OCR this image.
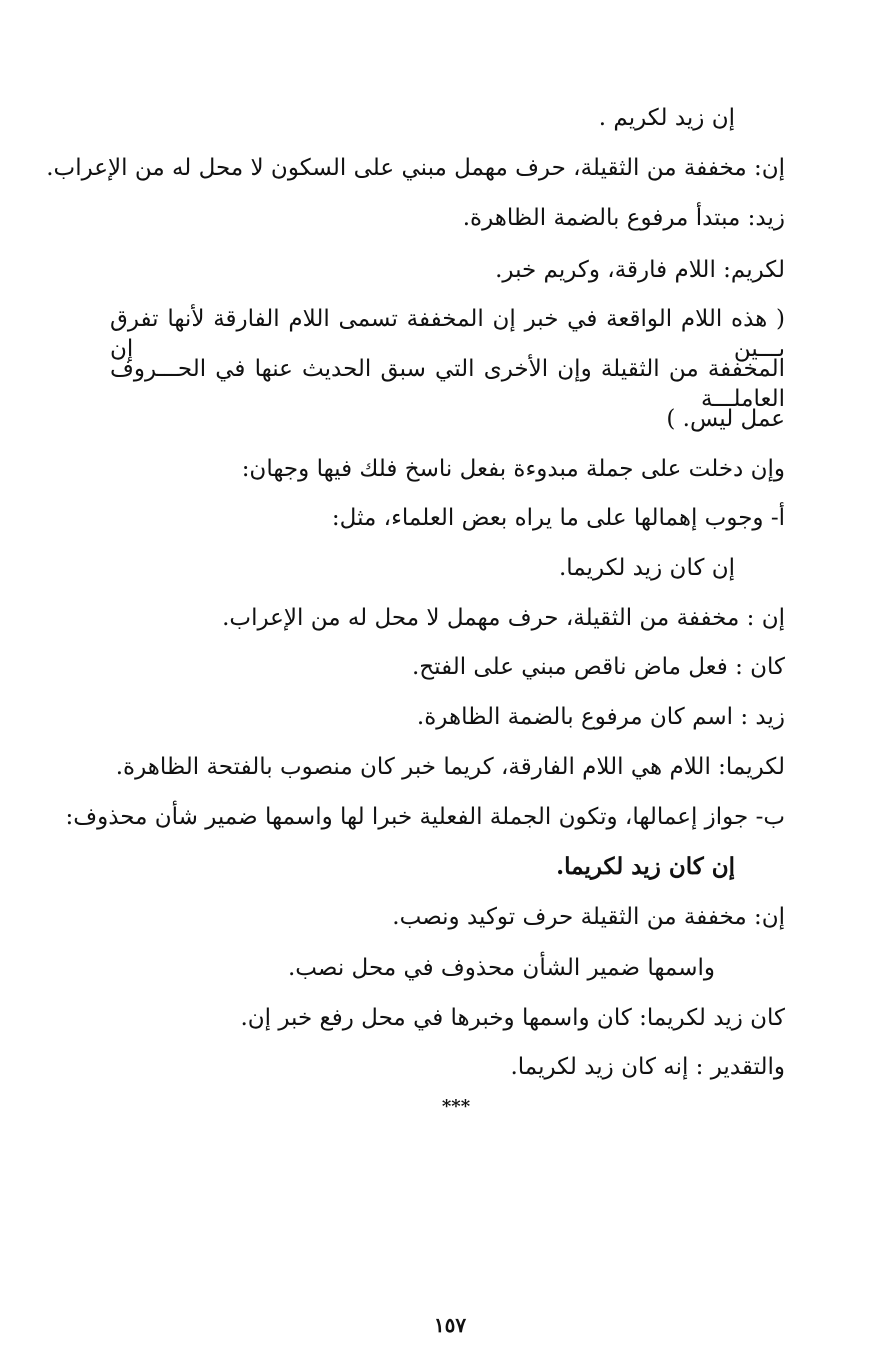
إن زيد لكريم .
إن: مخففة من الثقيلة، حرف مهمل مبني على السكون لا محل له من الإعراب.
زيد: مبتدأ مرفوع بالضمة الظاهرة.
لكريم: اللام فارقة، وكريم خبر.
( هذه اللام الواقعة في خبر إن المخففة تسمى اللام الفارقة لأنها تفرق بـــين إن
المخففة من الثقيلة وإن الأخرى التي سبق الحديث عنها في الحـــروف العاملـــة
عمل ليس. )
وإن دخلت على جملة مبدوءة بفعل ناسخ فلك فيها وجهان:
أ- وجوب إهمالها على ما يراه بعض العلماء، مثل:
إن كان زيد لكريما.
إن : مخففة من الثقيلة، حرف مهمل لا محل له من الإعراب.
كان : فعل ماض ناقص مبني على الفتح.
زيد : اسم كان مرفوع بالضمة الظاهرة.
لكريما: اللام هي اللام الفارقة، كريما خبر كان منصوب بالفتحة الظاهرة.
ب- جواز إعمالها، وتكون الجملة الفعلية خبرا لها واسمها ضمير شأن محذوف:
إن كان زيد لكريما.
إن: مخففة من الثقيلة حرف توكيد ونصب.
واسمها ضمير الشأن محذوف في محل نصب.
كان زيد لكريما: كان واسمها وخبرها في محل رفع خبر إن.
والتقدير : إنه كان زيد لكريما.
***
١٥٧
